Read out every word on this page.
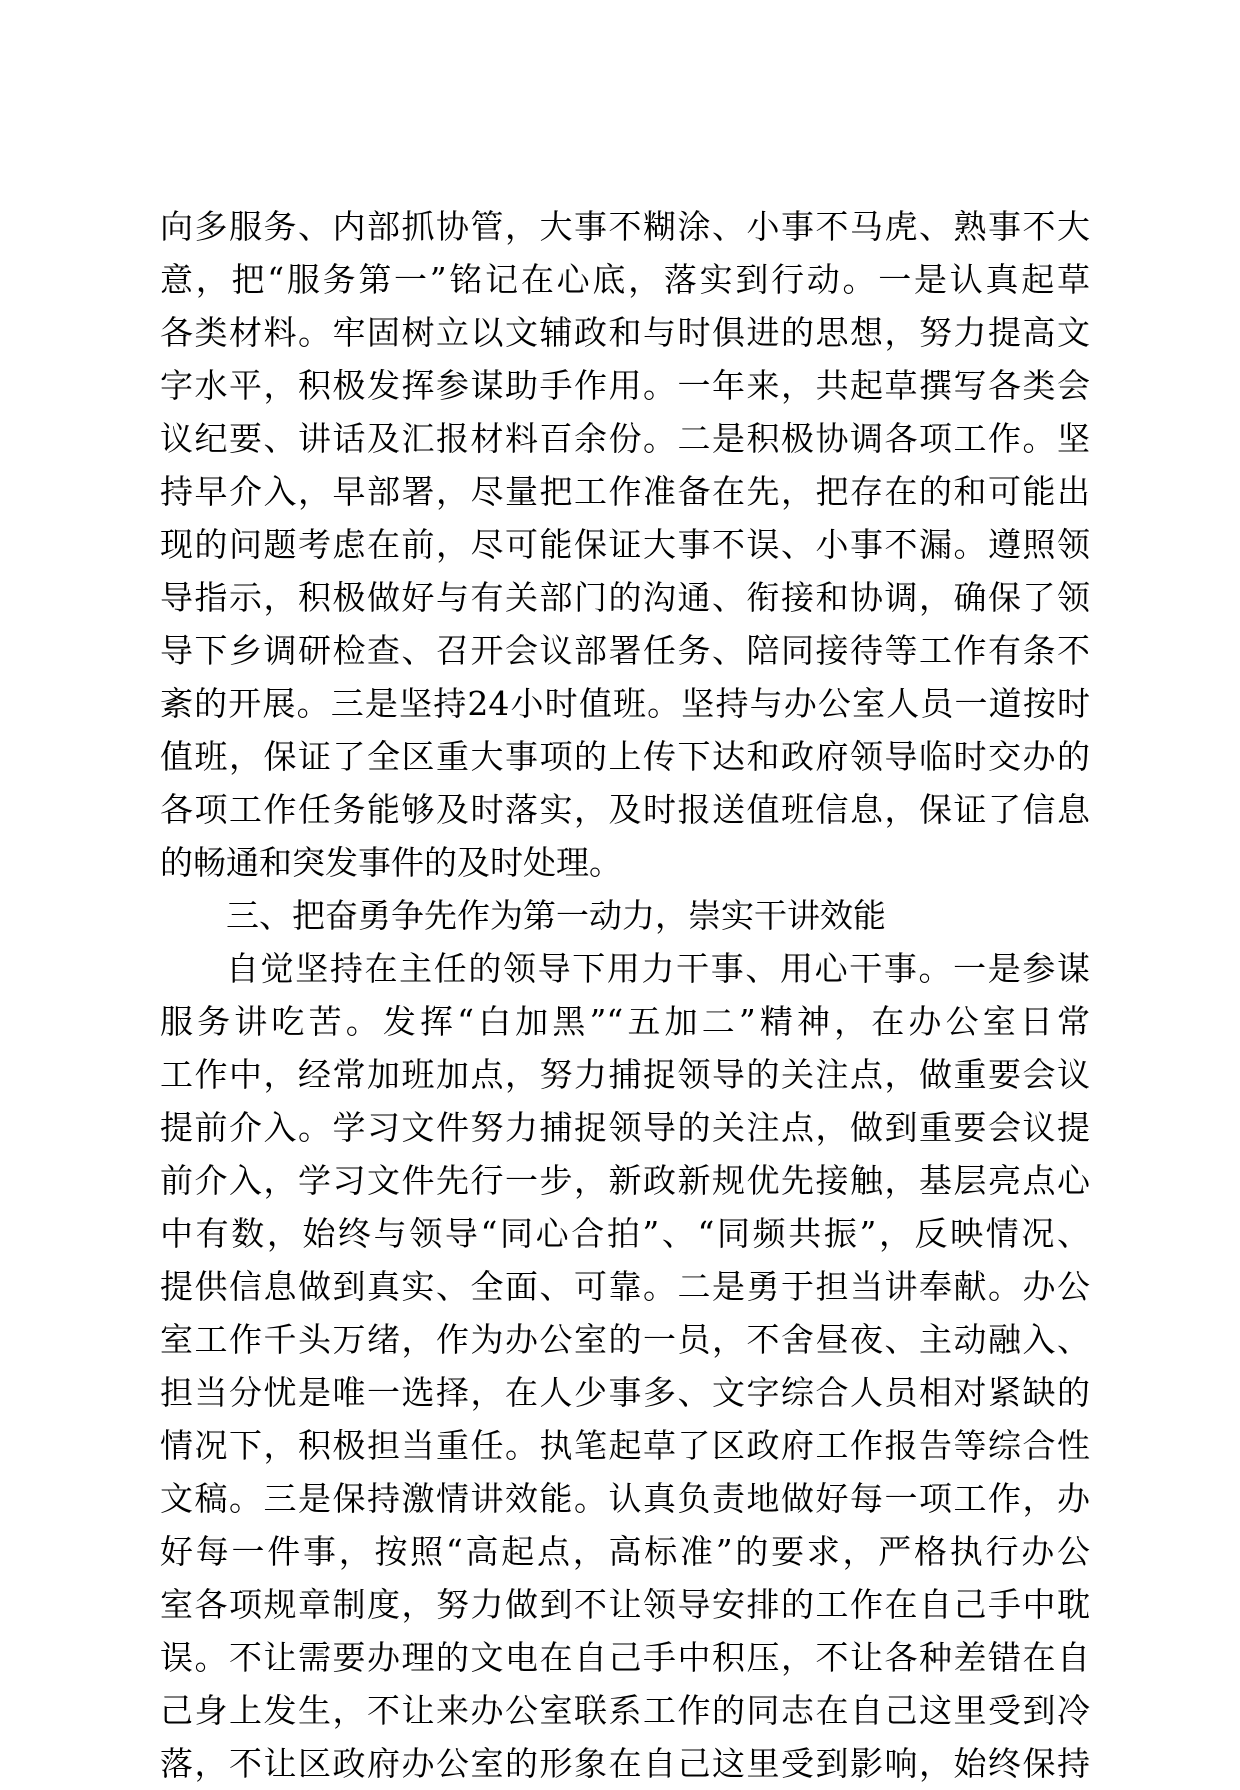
向多服务、内部抓协管，大事不糊涂、小事不马虎、熟事不大
意，把“服务第一”铭记在心底，落实到行动。一是认真起草
各类材料。牢固树立以文辅政和与时俱进的思想，努力提高文
字水平，积极发挥参谋助手作用。一年来，共起草撰写各类会
议纪要、讲话及汇报材料百余份。二是积极协调各项工作。坚
持早介入，早部署，尽量把工作准备在先，把存在的和可能出
现的问题考虑在前，尽可能保证大事不误、小事不漏。遵照领
导指示，积极做好与有关部门的沟通、衔接和协调，确保了领
导下乡调研检查、召开会议部署任务、陪同接待等工作有条不
紊的开展。三是坚持24小时值班。坚持与办公室人员一道按时
值班，保证了全区重大事项的上传下达和政府领导临时交办的
各项工作任务能够及时落实，及时报送值班信息，保证了信息
的畅通和突发事件的及时处理。
三、把奋勇争先作为第一动力，崇实干讲效能
自觉坚持在主任的领导下用力干事、用心干事。一是参谋
服务讲吃苦。发挥“白加黑”“五加二”精神，在办公室日常
工作中，经常加班加点，努力捕捉领导的关注点，做重要会议
提前介入。学习文件努力捕捉领导的关注点，做到重要会议提
前介入，学习文件先行一步，新政新规优先接触，基层亮点心
中有数，始终与领导“同心合拍”、“同频共振”，反映情况、
提供信息做到真实、全面、可靠。二是勇于担当讲奉献。办公
室工作千头万绪，作为办公室的一员，不舍昼夜、主动融入、
担当分忧是唯一选择，在人少事多、文字综合人员相对紧缺的
情况下，积极担当重任。执笔起草了区政府工作报告等综合性
文稿。三是保持激情讲效能。认真负责地做好每一项工作，办
好每一件事，按照“高起点，高标准”的要求，严格执行办公
室各项规章制度，努力做到不让领导安排的工作在自己手中耽
误。不让需要办理的文电在自己手中积压，不让各种差错在自
己身上发生，不让来办公室联系工作的同志在自己这里受到冷
落，不让区政府办公室的形象在自己这里受到影响，始终保持
